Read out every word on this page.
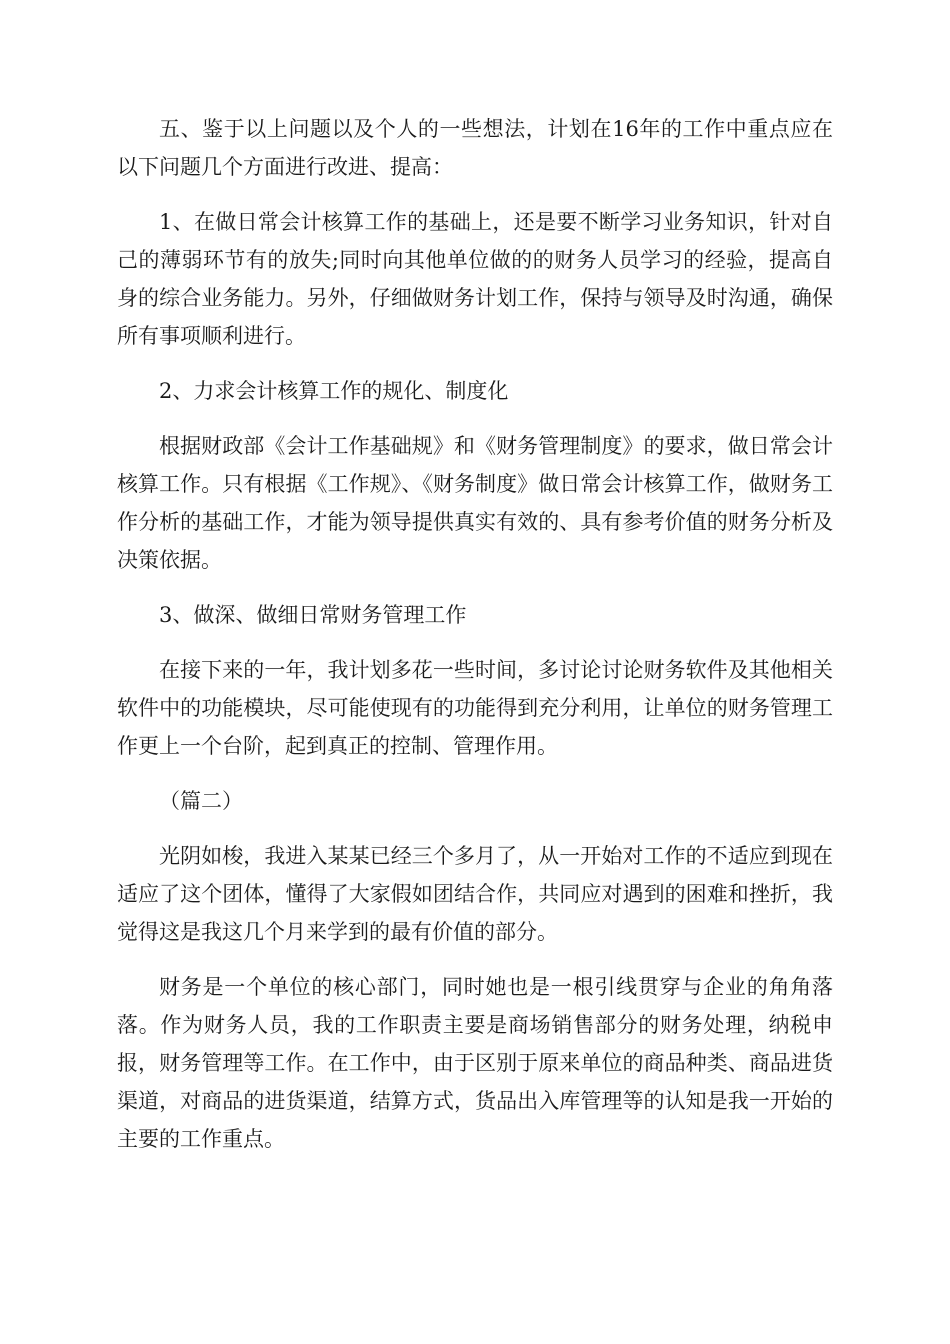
五、鉴于以上问题以及个人的一些想法，计划在16年的工作中重点应在以下问题几个方面进行改进、提高：

1、在做日常会计核算工作的基础上，还是要不断学习业务知识，针对自己的薄弱环节有的放失;同时向其他单位做的的财务人员学习的经验，提高自身的综合业务能力。另外，仔细做财务计划工作，保持与领导及时沟通，确保所有事项顺利进行。

2、力求会计核算工作的规化、制度化

根据财政部《会计工作基础规》和《财务管理制度》的要求，做日常会计核算工作。只有根据《工作规》、《财务制度》做日常会计核算工作，做财务工作分析的基础工作，才能为领导提供真实有效的、具有参考价值的财务分析及决策依据。

3、做深、做细日常财务管理工作

在接下来的一年，我计划多花一些时间，多讨论讨论财务软件及其他相关软件中的功能模块，尽可能使现有的功能得到充分利用，让单位的财务管理工作更上一个台阶，起到真正的控制、管理作用。

（篇二）

光阴如梭，我进入某某已经三个多月了，从一开始对工作的不适应到现在适应了这个团体，懂得了大家假如团结合作，共同应对遇到的困难和挫折，我觉得这是我这几个月来学到的最有价值的部分。

财务是一个单位的核心部门，同时她也是一根引线贯穿与企业的角角落落。作为财务人员，我的工作职责主要是商场销售部分的财务处理，纳税申报，财务管理等工作。在工作中，由于区别于原来单位的商品种类、商品进货渠道，对商品的进货渠道，结算方式，货品出入库管理等的认知是我一开始的主要的工作重点。
